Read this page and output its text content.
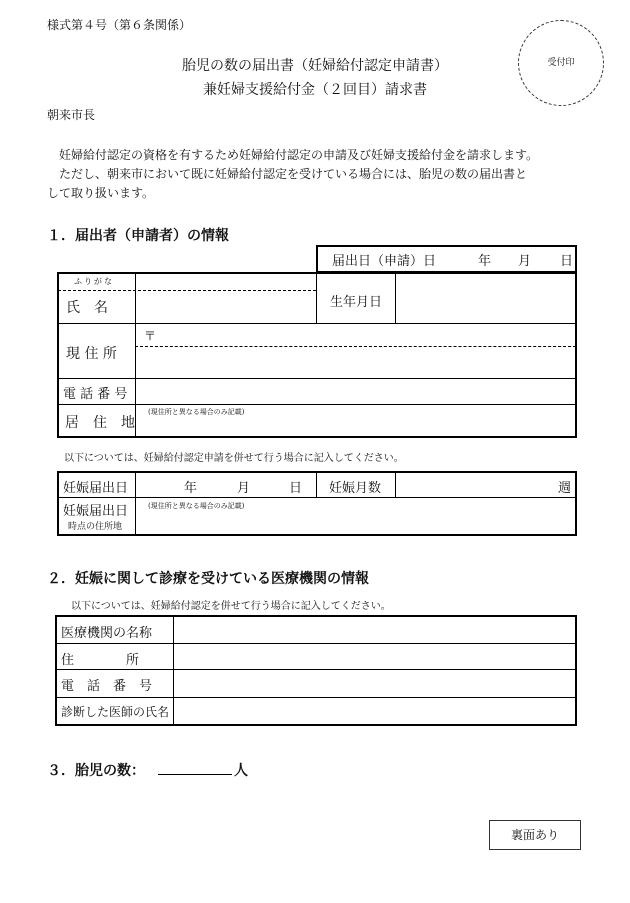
様式第４号（第６条関係）
受付印
胎児の数の届出書（妊婦給付認定申請書）
兼妊婦支援給付金（２回目）請求書
朝来市長
妊婦給付認定の資格を有するため妊婦給付認定の申請及び妊婦支援給付金を請求します。
ただし、朝来市において既に妊婦給付認定を受けている場合には、胎児の数の届出書と
して取り扱います。
１．届出者（申請者）の情報
届出日（申請）日	年 月 日
ふりがな
氏　名	生年月日
現 住 所
〒
電 話 番 号
居　住　地
(現住所と異なる場合のみ記載)
以下については、妊婦給付認定申請を併せて行う場合に記入してください。
妊娠届出日	年	月	日 妊娠月数	週
妊娠届出日
時点の住所地
(現住所と異なる場合のみ記載)
２．妊娠に関して診療を受けている医療機関の情報
以下については、妊婦給付認定を併せて行う場合に記入してください。
医療機関の名称
住　　　　所
電　話　番　号
診断した医師の氏名
３．胎児の数：	人
裏面あり
